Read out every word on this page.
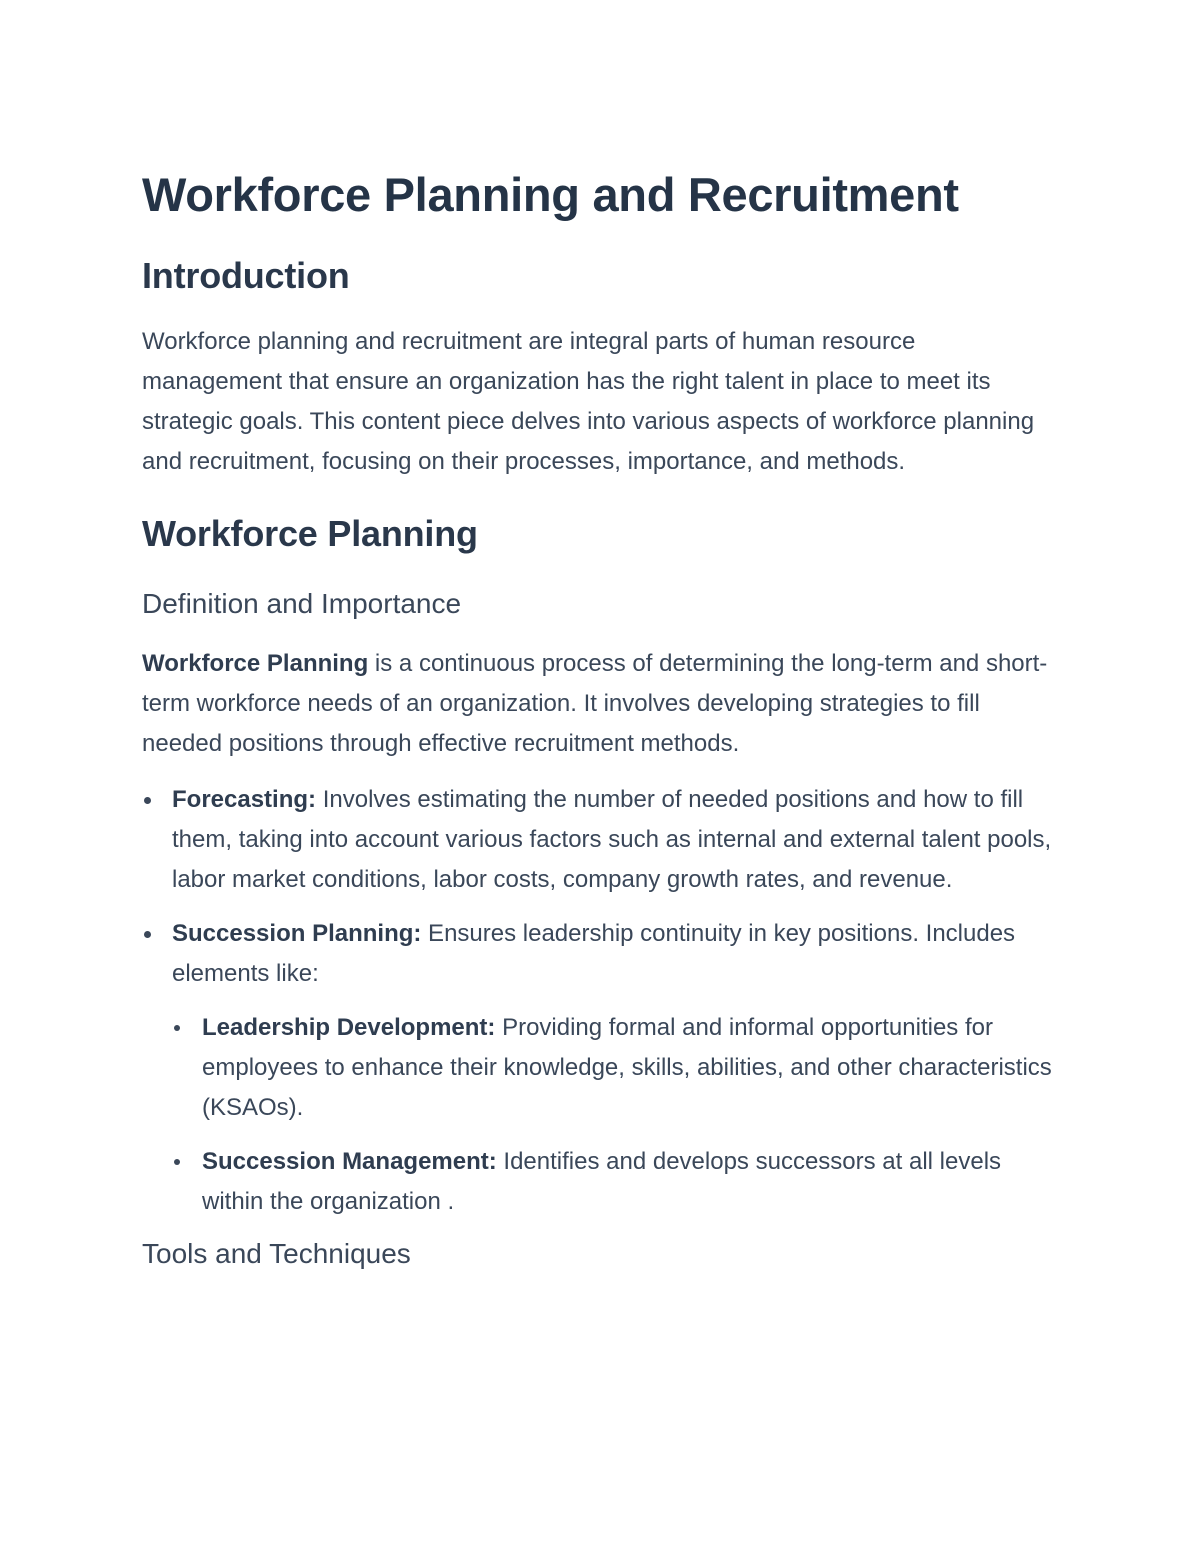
Workforce Planning and Recruitment
Introduction

Workforce planning and recruitment are integral parts of human resource management that ensure an organization has the right talent in place to meet its strategic goals. This content piece delves into various aspects of workforce planning and recruitment, focusing on their processes, importance, and methods.

Workforce Planning
Definition and Importance

Workforce Planning is a continuous process of determining the long-term and short-term workforce needs of an organization. It involves developing strategies to fill needed positions through effective recruitment methods.

Forecasting: Involves estimating the number of needed positions and how to fill them, taking into account various factors such as internal and external talent pools, labor market conditions, labor costs, company growth rates, and revenue.
Succession Planning: Ensures leadership continuity in key positions. Includes elements like:
Leadership Development: Providing formal and informal opportunities for employees to enhance their knowledge, skills, abilities, and other characteristics (KSAOs).
Succession Management: Identifies and develops successors at all levels within the organization .
Tools and Techniques
